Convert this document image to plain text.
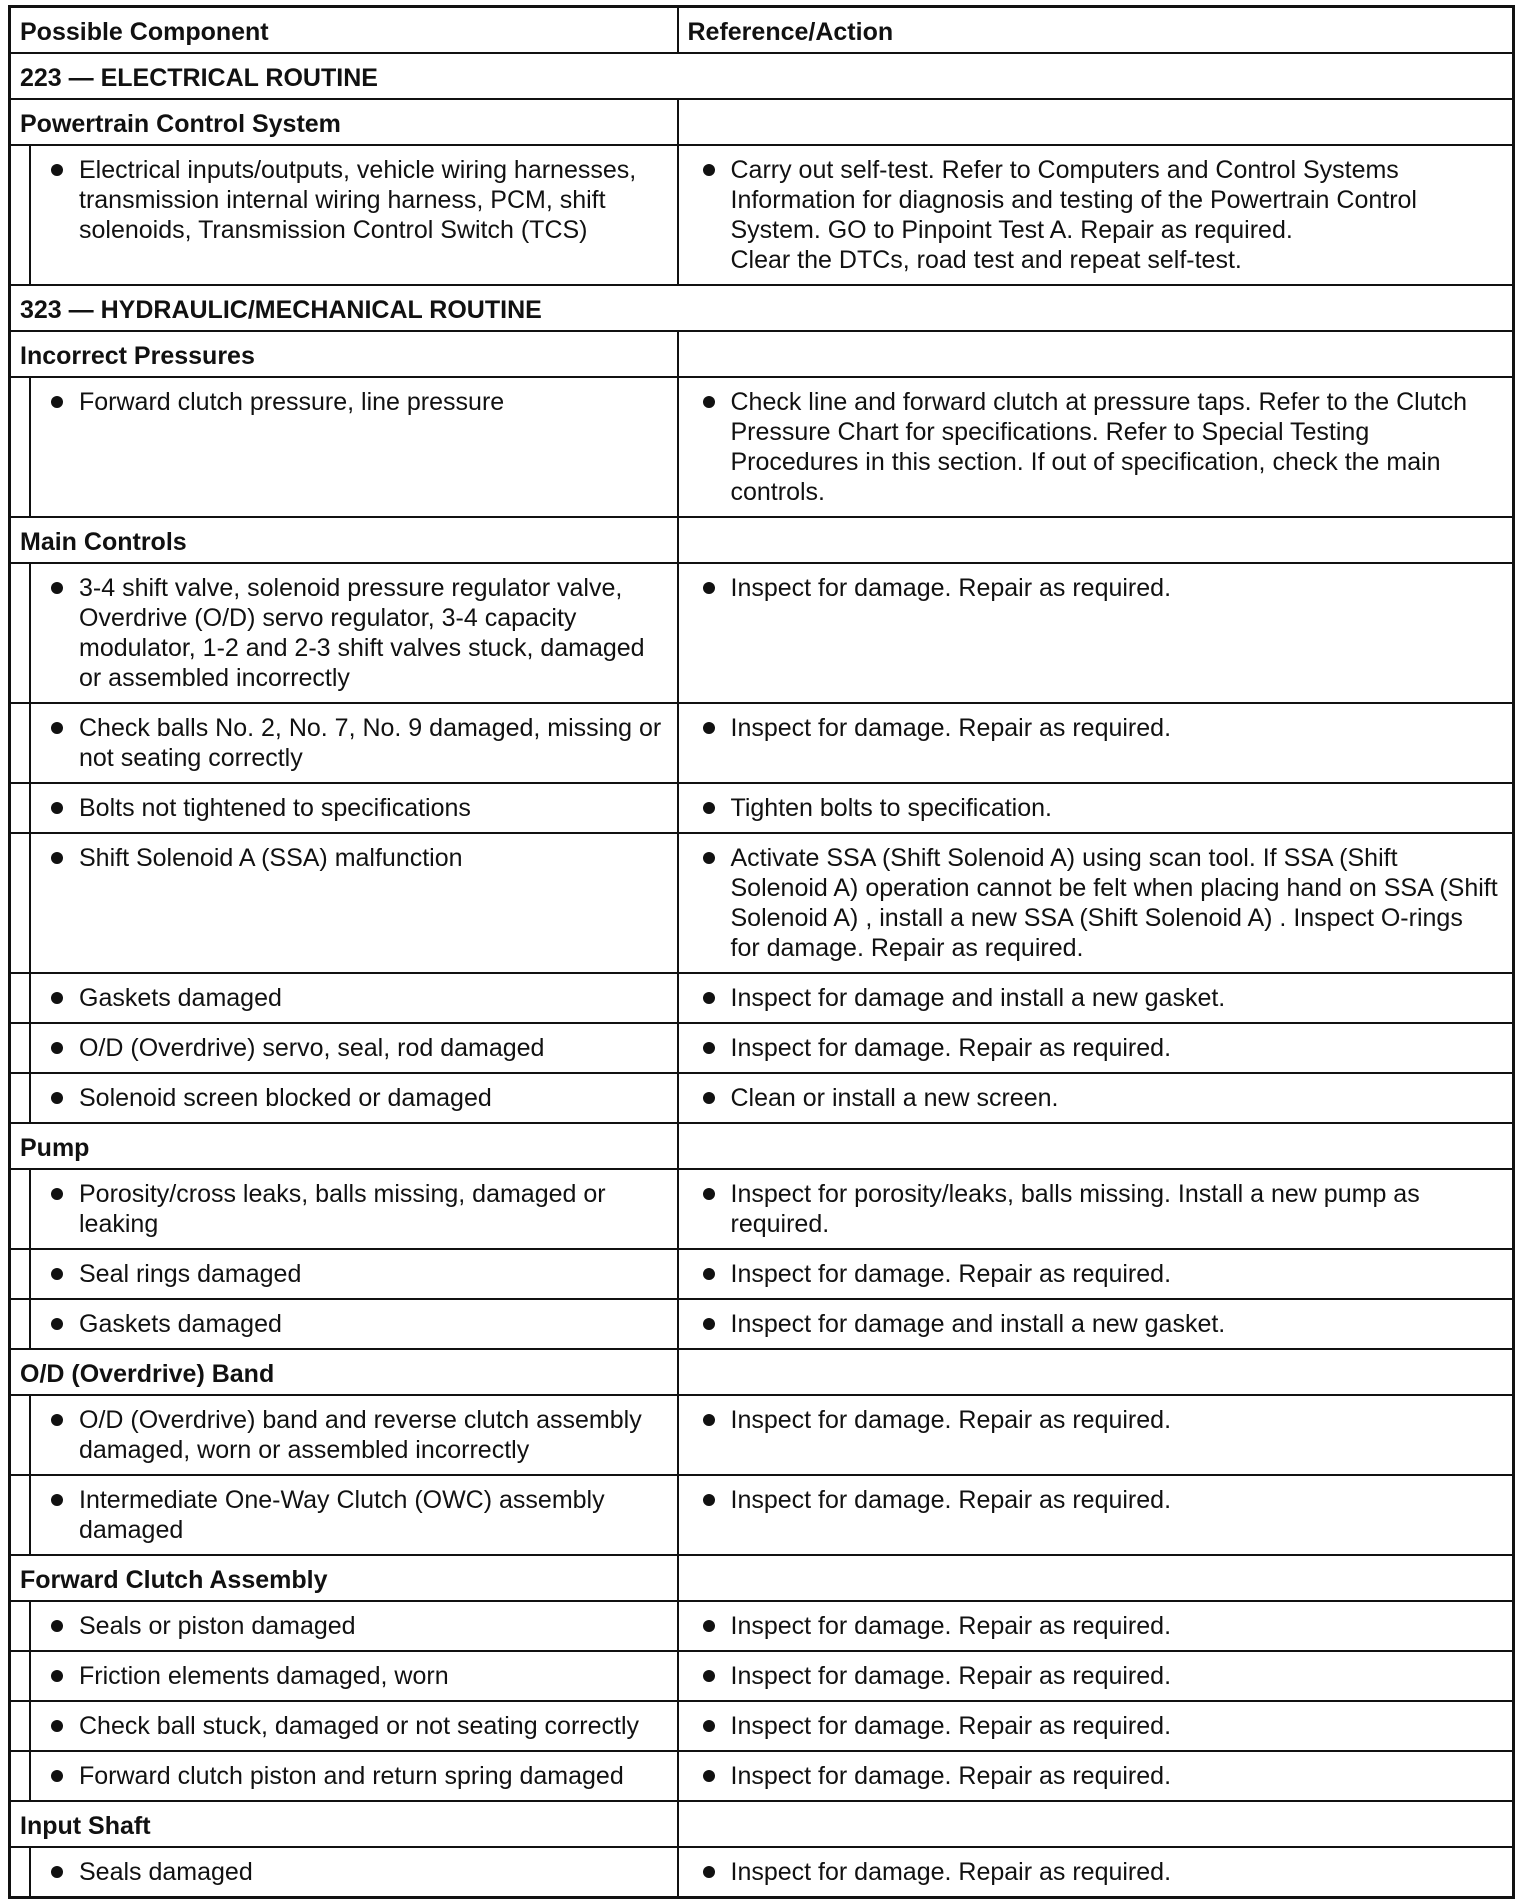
Possible Component	Reference/Action

223 — ELECTRICAL ROUTINE	

Powertrain Control System	

Electrical inputs/outputs, vehicle wiring harnesses, transmission internal wiring harness, PCM, shift solenoids, Transmission Control Switch (TCS)	Carry out self-test. Refer to Computers and Control Systems Information for diagnosis and testing of the Powertrain Control System. GO to Pinpoint Test A. Repair as required.
Clear the DTCs, road test and repeat self-test.

323 — HYDRAULIC/MECHANICAL ROUTINE	

Incorrect Pressures	

Forward clutch pressure, line pressure	Check line and forward clutch at pressure taps. Refer to the Clutch Pressure Chart for specifications. Refer to Special Testing Procedures in this section. If out of specification, check the main controls.

Main Controls	

3-4 shift valve, solenoid pressure regulator valve, Overdrive (O/D) servo regulator, 3-4 capacity modulator, 1-2 and 2-3 shift valves stuck, damaged or assembled incorrectly	Inspect for damage. Repair as required.

Check balls No. 2, No. 7, No. 9 damaged, missing or not seating correctly	Inspect for damage. Repair as required.

Bolts not tightened to specifications	Tighten bolts to specification.

Shift Solenoid A (SSA) malfunction	Activate SSA (Shift Solenoid A) using scan tool. If SSA (Shift Solenoid A) operation cannot be felt when placing hand on SSA (Shift Solenoid A) , install a new SSA (Shift Solenoid A) . Inspect O-rings for damage. Repair as required.

Gaskets damaged	Inspect for damage and install a new gasket.

O/D (Overdrive) servo, seal, rod damaged	Inspect for damage. Repair as required.

Solenoid screen blocked or damaged	Clean or install a new screen.

Pump	

Porosity/cross leaks, balls missing, damaged or leaking	Inspect for porosity/leaks, balls missing. Install a new pump as required.

Seal rings damaged	Inspect for damage. Repair as required.

Gaskets damaged	Inspect for damage and install a new gasket.

O/D (Overdrive) Band	

O/D (Overdrive) band and reverse clutch assembly damaged, worn or assembled incorrectly	Inspect for damage. Repair as required.

Intermediate One-Way Clutch (OWC) assembly damaged	Inspect for damage. Repair as required.

Forward Clutch Assembly	

Seals or piston damaged	Inspect for damage. Repair as required.

Friction elements damaged, worn	Inspect for damage. Repair as required.

Check ball stuck, damaged or not seating correctly	Inspect for damage. Repair as required.

Forward clutch piston and return spring damaged	Inspect for damage. Repair as required.

Input Shaft	

Seals damaged	Inspect for damage. Repair as required.
